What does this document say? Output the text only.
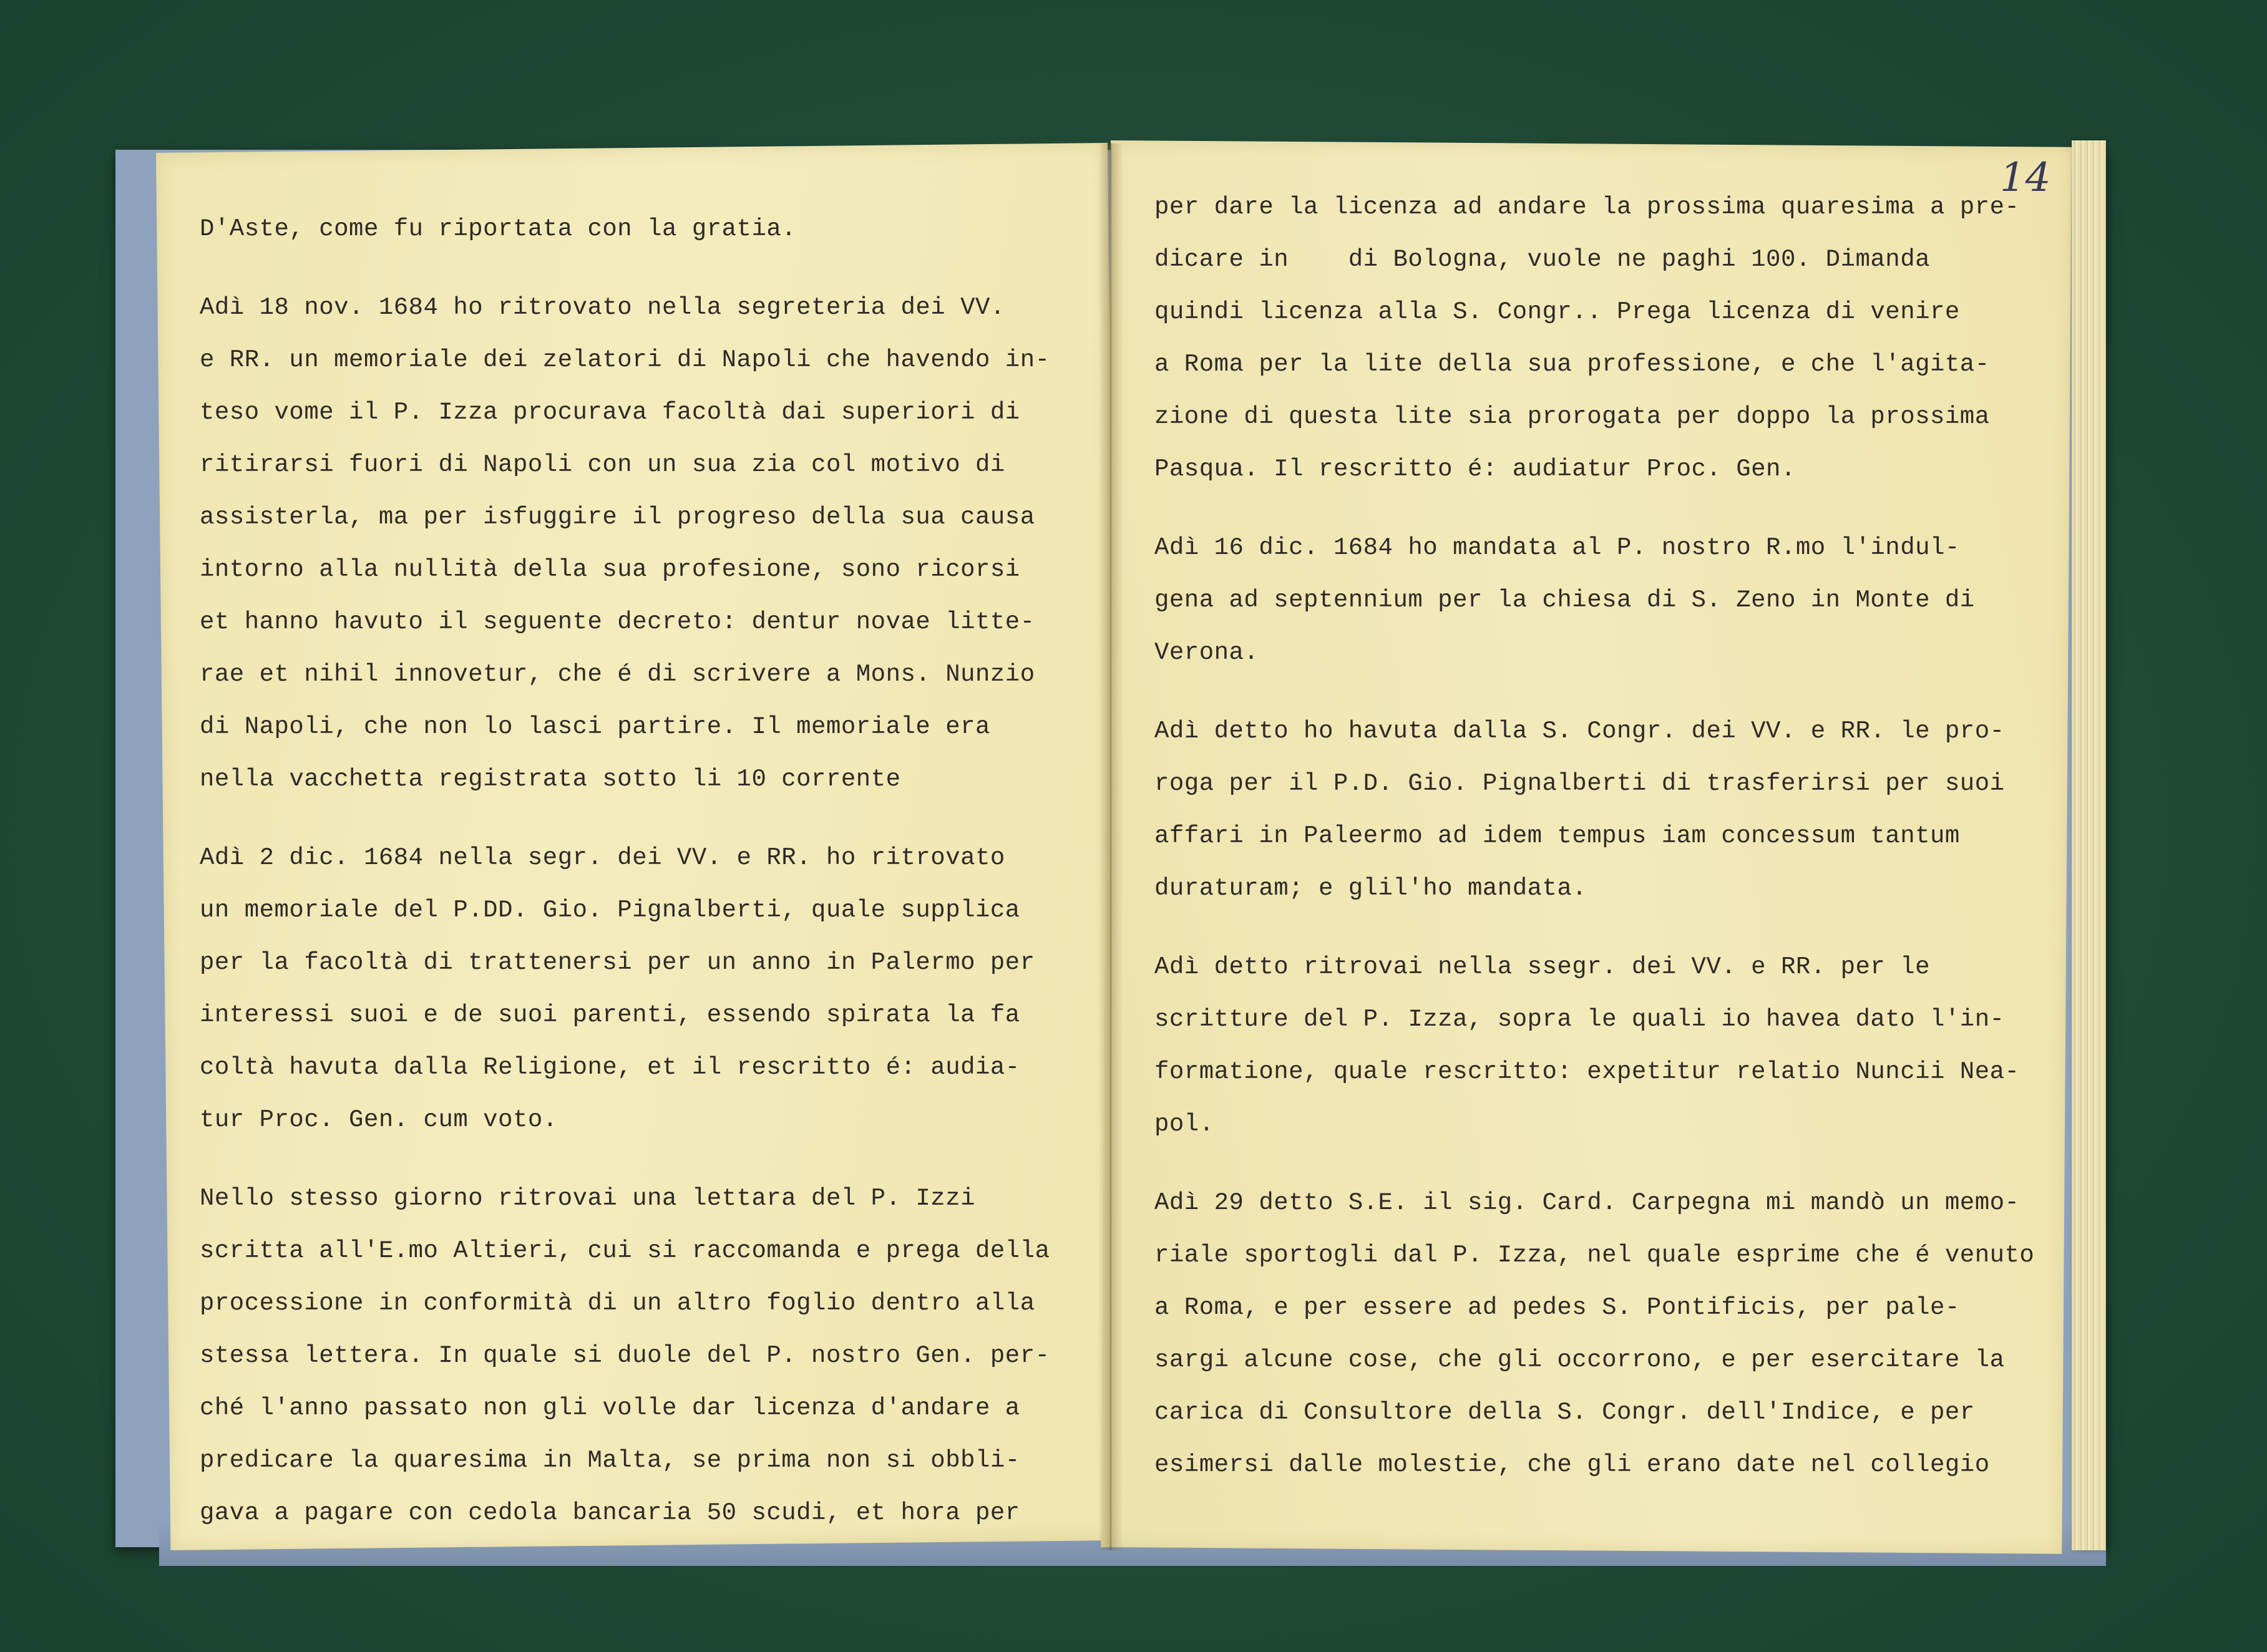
14
D'Aste, come fu riportata con la gratia.
Adì 18 nov. 1684 ho ritrovato nella segreteria dei VV.
e RR. un memoriale dei zelatori di Napoli che havendo in-
teso vome il P. Izza procurava facoltà dai superiori di
ritirarsi fuori di Napoli con un sua zia col motivo di
assisterla, ma per isfuggire il progreso della sua causa
intorno alla nullità della sua profesione, sono ricorsi
et hanno havuto il seguente decreto: dentur novae litte-
rae et nihil innovetur, che é di scrivere a Mons. Nunzio
di Napoli, che non lo lasci partire. Il memoriale era
nella vacchetta registrata sotto li 10 corrente
Adì 2 dic. 1684 nella segr. dei VV. e RR. ho ritrovato
un memoriale del P.DD. Gio. Pignalberti, quale supplica
per la facoltà di trattenersi per un anno in Palermo per
interessi suoi e de suoi parenti, essendo spirata la fa
coltà havuta dalla Religione, et il rescritto é: audia-
tur Proc. Gen. cum voto.
Nello stesso giorno ritrovai una lettara del P. Izzi
scritta all'E.mo Altieri, cui si raccomanda e prega della
processione in conformità di un altro foglio dentro alla
stessa lettera. In quale si duole del P. nostro Gen. per-
ché l'anno passato non gli volle dar licenza d'andare a
predicare la quaresima in Malta, se prima non si obbli-
gava a pagare con cedola bancaria 50 scudi, et hora per
per dare la licenza ad andare la prossima quaresima a pre-
dicare in    di Bologna, vuole ne paghi 100. Dimanda
quindi licenza alla S. Congr.. Prega licenza di venire
a Roma per la lite della sua professione, e che l'agita-
zione di questa lite sia prorogata per doppo la prossima
Pasqua. Il rescritto é: audiatur Proc. Gen.
Adì 16 dic. 1684 ho mandata al P. nostro R.mo l'indul-
gena ad septennium per la chiesa di S. Zeno in Monte di
Verona.
Adì detto ho havuta dalla S. Congr. dei VV. e RR. le pro-
roga per il P.D. Gio. Pignalberti di trasferirsi per suoi
affari in Paleermo ad idem tempus iam concessum tantum
duraturam; e glil'ho mandata.
Adì detto ritrovai nella ssegr. dei VV. e RR. per le
scritture del P. Izza, sopra le quali io havea dato l'in-
formatione, quale rescritto: expetitur relatio Nuncii Nea-
pol.
Adì 29 detto S.E. il sig. Card. Carpegna mi mandò un memo-
riale sportogli dal P. Izza, nel quale esprime che é venuto
a Roma, e per essere ad pedes S. Pontificis, per pale-
sargi alcune cose, che gli occorrono, e per esercitare la
carica di Consultore della S. Congr. dell'Indice, e per
esimersi dalle molestie, che gli erano date nel collegio
